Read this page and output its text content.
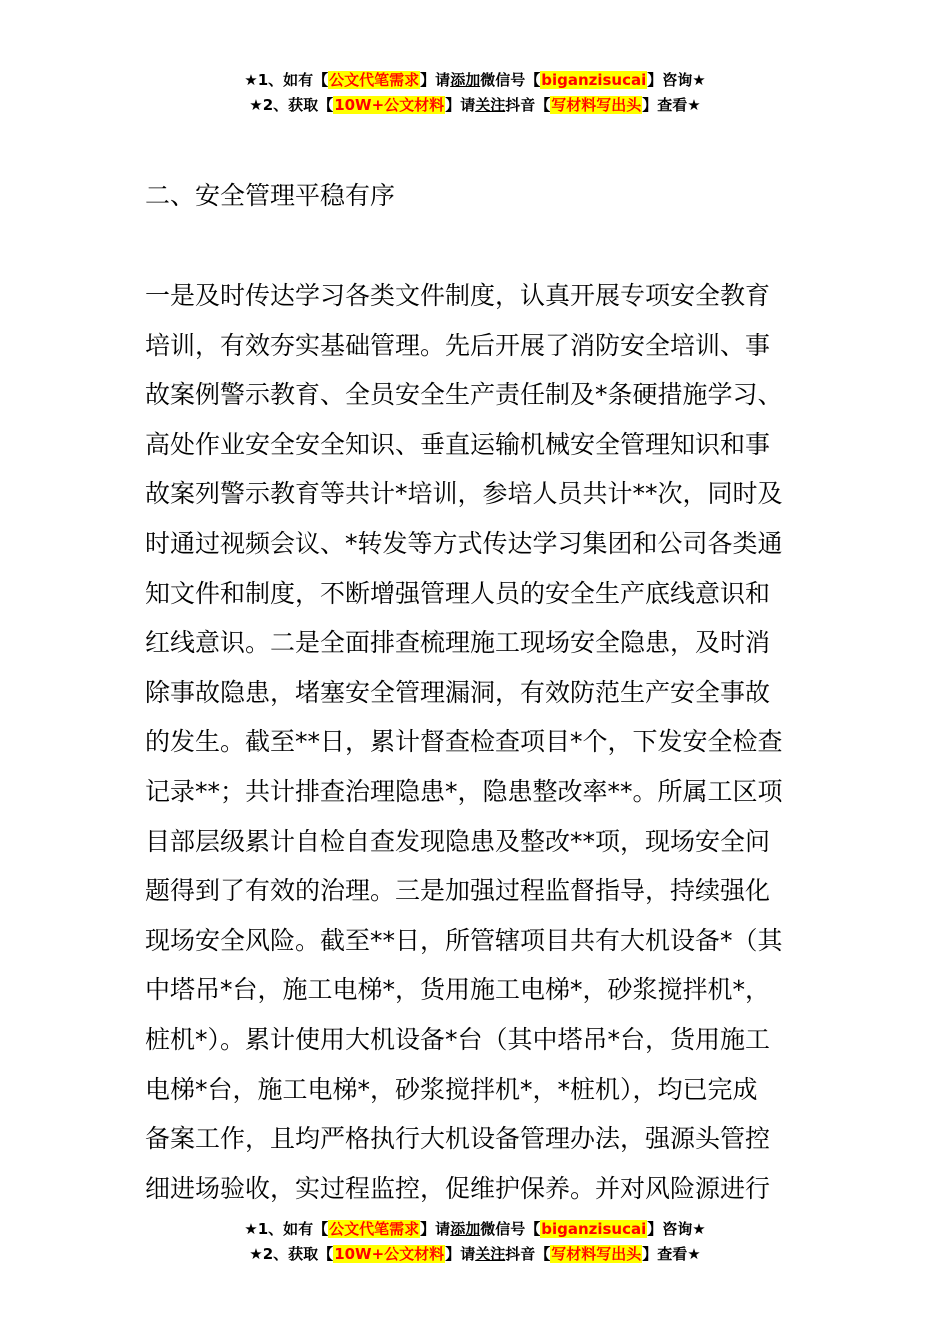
★1、如有【公文代笔需求】请添加微信号【biganzisucai】咨询★
★2、获取【10W+公文材料】请关注抖音【写材料写出头】查看★
二、安全管理平稳有序
一是及时传达学习各类文件制度，认真开展专项安全教育
培训，有效夯实基础管理。先后开展了消防安全培训、事
故案例警示教育、全员安全生产责任制及*条硬措施学习、
高处作业安全安全知识、垂直运输机械安全管理知识和事
故案列警示教育等共计*培训，参培人员共计**次，同时及
时通过视频会议、*转发等方式传达学习集团和公司各类通
知文件和制度，不断增强管理人员的安全生产底线意识和
红线意识。二是全面排查梳理施工现场安全隐患，及时消
除事故隐患，堵塞安全管理漏洞，有效防范生产安全事故
的发生。截至**日，累计督查检查项目*个，下发安全检查
记录**；共计排查治理隐患*，隐患整改率**。所属工区项
目部层级累计自检自查发现隐患及整改**项，现场安全问
题得到了有效的治理。三是加强过程监督指导，持续强化
现场安全风险。截至**日，所管辖项目共有大机设备*（其
中塔吊*台，施工电梯*，货用施工电梯*，砂浆搅拌机*，
桩机*）。累计使用大机设备*台（其中塔吊*台，货用施工
电梯*台，施工电梯*，砂浆搅拌机*，*桩机），均已完成
备案工作，且均严格执行大机设备管理办法，强源头管控
细进场验收，实过程监控，促维护保养。并对风险源进行
★1、如有【公文代笔需求】请添加微信号【biganzisucai】咨询★
★2、获取【10W+公文材料】请关注抖音【写材料写出头】查看★
